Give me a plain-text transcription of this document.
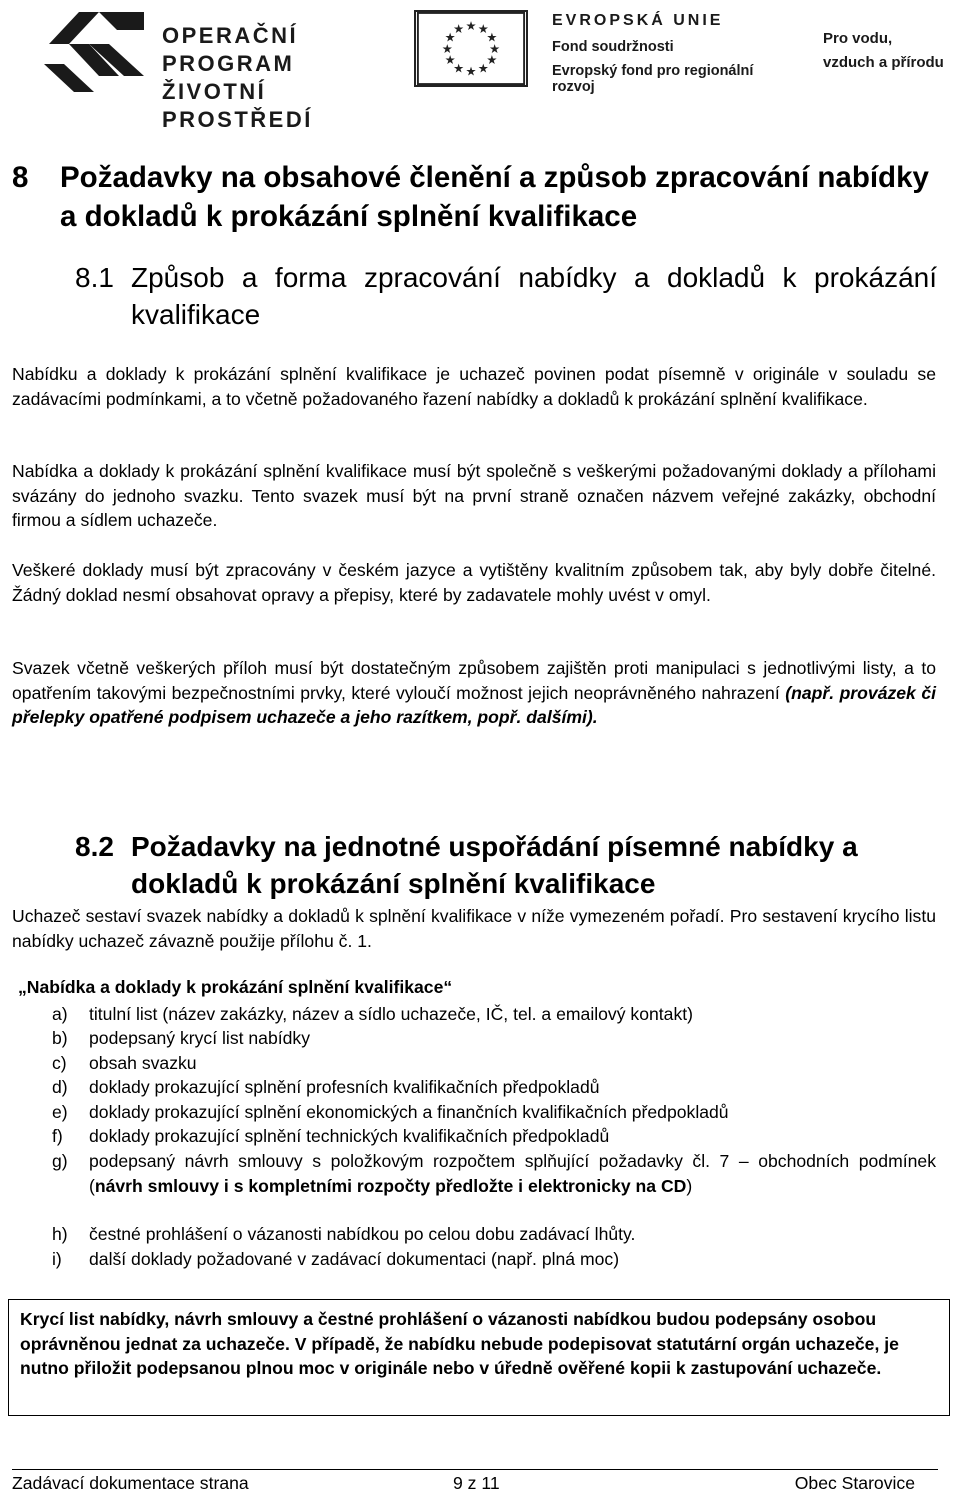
OPERAČNÍ PROGRAM
ŽIVOTNÍ PROSTŘEDÍ
★ ★
★
★
★
★
★
★
★
★
★
★	EVROPSKÁ UNIE
Fond soudržnosti
Evropský fond pro regionální rozvoj
Pro vodu,
vzduch a přírodu
8 Požadavky na obsahové členění a způsob zpracování nabídky a dokladů k prokázání splnění kvalifikace
8.1 Způsob a forma zpracování nabídky a dokladů k prokázání kvalifikace
Nabídku a doklady k prokázání splnění kvalifikace je uchazeč povinen podat písemně v originále v souladu se zadávacími podmínkami, a to včetně požadovaného řazení nabídky a dokladů k prokázání splnění kvalifikace.
Nabídka a doklady k prokázání splnění kvalifikace musí být společně s veškerými požadovanými doklady a přílohami svázány do jednoho svazku. Tento svazek musí být na první straně označen názvem veřejné zakázky, obchodní firmou a sídlem uchazeče.
Veškeré doklady musí být zpracovány v českém jazyce a vytištěny kvalitním způsobem tak, aby byly dobře čitelné. Žádný doklad nesmí obsahovat opravy a přepisy, které by zadavatele mohly uvést v omyl.
Svazek včetně veškerých příloh musí být dostatečným způsobem zajištěn proti manipulaci s jednotlivými listy, a to opatřením takovými bezpečnostními prvky, které vyloučí možnost jejich neoprávněného nahrazení (např. provázek či přelepky opatřené podpisem uchazeče a jeho razítkem, popř. dalšími).
8.2 Požadavky na jednotné uspořádání písemné nabídky a dokladů k prokázání splnění kvalifikace
Uchazeč sestaví svazek nabídky a dokladů k splnění kvalifikace v níže vymezeném pořadí. Pro sestavení krycího listu nabídky uchazeč závazně použije přílohu č. 1.
„Nabídka a doklady k prokázání splnění kvalifikace“
a) titulní list (název zakázky, název a sídlo uchazeče, IČ, tel. a emailový kontakt)
b) podepsaný krycí list nabídky
c) obsah svazku
d) doklady prokazující splnění profesních kvalifikačních předpokladů
e) doklady prokazující splnění ekonomických a finančních kvalifikačních předpokladů
f) doklady prokazující splnění technických kvalifikačních předpokladů
g) podepsaný návrh smlouvy s položkovým rozpočtem splňující požadavky čl. 7 – obchodních podmínek (návrh smlouvy i s kompletními rozpočty předložte i elektronicky na CD)
h) čestné prohlášení o vázanosti nabídkou po celou dobu zadávací lhůty.
i) další doklady požadované v zadávací dokumentaci (např. plná moc)
Krycí list nabídky, návrh smlouvy a čestné prohlášení o vázanosti nabídkou budou podepsány osobou oprávněnou jednat za uchazeče. V případě, že nabídku nebude podepisovat statutární orgán uchazeče, je nutno přiložit podepsanou plnou moc v originále nebo v úředně ověřené kopii k zastupování uchazeče.
Zadávací dokumentace strana	9 z 11	Obec Starovice
